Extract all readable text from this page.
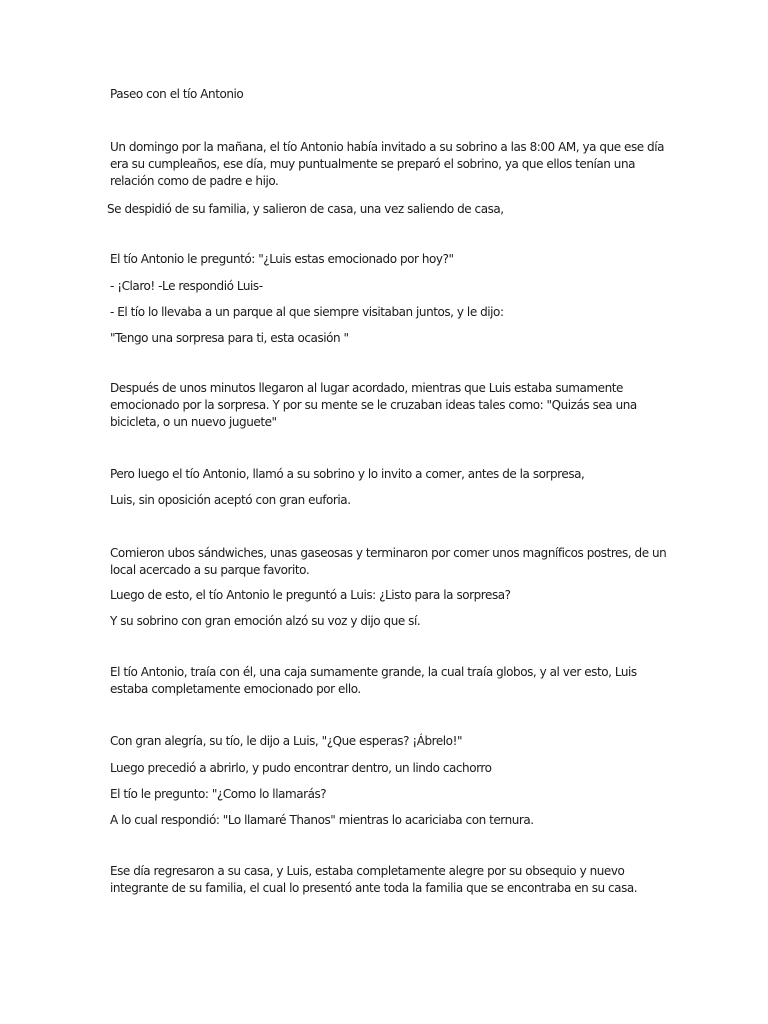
Paseo con el tío Antonio

Un domingo por la mañana, el tío Antonio había invitado a su sobrino a las 8:00 AM, ya que ese día era su cumpleaños, ese día, muy puntualmente se preparó el sobrino, ya que ellos tenían una relación como de padre e hijo.

Se despidió de su familia, y salieron de casa, una vez saliendo de casa,

El tío Antonio le preguntó: "¿Luis estas emocionado por hoy?"

- ¡Claro! -Le respondió Luis-

- El tío lo llevaba a un parque al que siempre visitaban juntos, y le dijo:

"Tengo una sorpresa para ti, esta ocasión "

Después de unos minutos llegaron al lugar acordado, mientras que Luis estaba sumamente emocionado por la sorpresa. Y por su mente se le cruzaban ideas tales como: "Quizás sea una bicicleta, o un nuevo juguete"

Pero luego el tío Antonio, llamó a su sobrino y lo invito a comer, antes de la sorpresa,

Luis, sin oposición aceptó con gran euforia.

Comieron ubos sándwiches, unas gaseosas y terminaron por comer unos magníficos postres, de un local acercado a su parque favorito.

Luego de esto, el tío Antonio le preguntó a Luis: ¿Listo para la sorpresa?

Y su sobrino con gran emoción alzó su voz y dijo que sí.

El tío Antonio, traía con él, una caja sumamente grande, la cual traía globos, y al ver esto, Luis estaba completamente emocionado por ello.

Con gran alegría, su tío, le dijo a Luis, "¿Que esperas? ¡Ábrelo!"

Luego precedió a abrirlo, y pudo encontrar dentro, un lindo cachorro

El tío le pregunto: "¿Como lo llamarás?

A lo cual respondió: "Lo llamaré Thanos" mientras lo acariciaba con ternura.

Ese día regresaron a su casa, y Luis, estaba completamente alegre por su obsequio y nuevo integrante de su familia, el cual lo presentó ante toda la familia que se encontraba en su casa.
